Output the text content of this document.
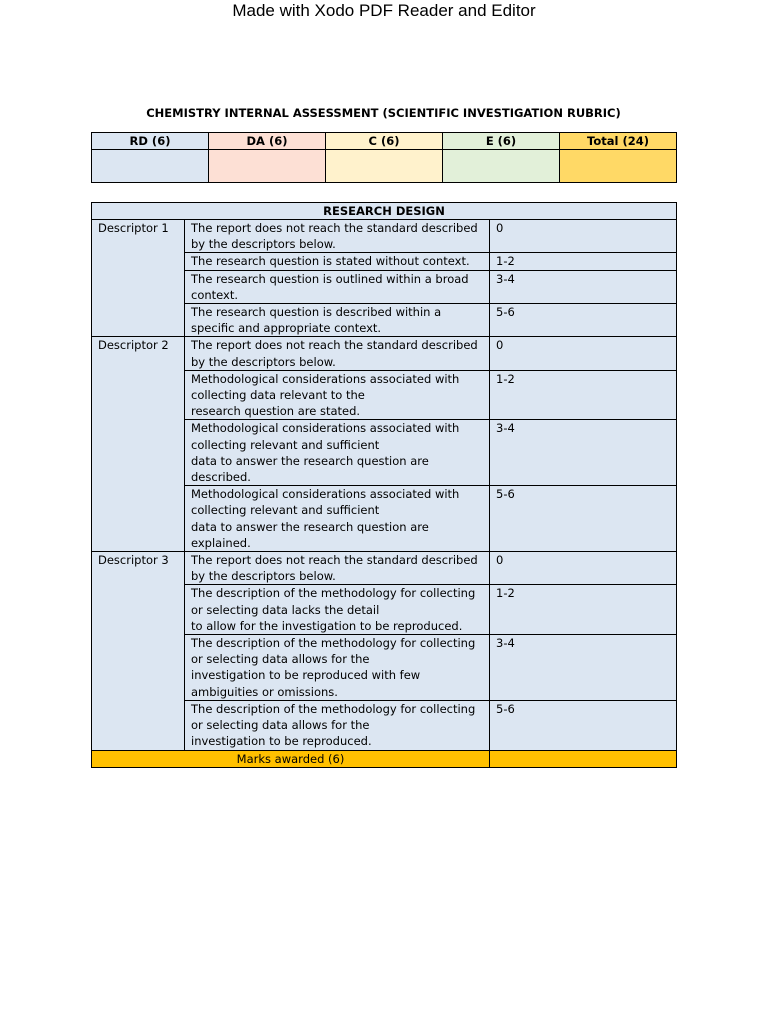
Made with Xodo PDF Reader and Editor
CHEMISTRY INTERNAL ASSESSMENT (SCIENTIFIC INVESTIGATION RUBRIC)
RD (6)	DA (6)	C (6)	E (6)	Total (24)

RESEARCH DESIGN		
Descriptor 1	The report does not reach the standard described
by the descriptors below.	0

	The research question is stated without context.	1-2

	The research question is outlined within a broad
context.	3-4

	The research question is described within a
specific and appropriate context.	5-6
Descriptor 2	The report does not reach the standard described
by the descriptors below.	0

	Methodological considerations associated with
collecting data relevant to the
research question are stated.	1-2

	Methodological considerations associated with
collecting relevant and sufficient
data to answer the research question are
described.	3-4

	Methodological considerations associated with
collecting relevant and sufficient
data to answer the research question are
explained.	5-6
Descriptor 3	The report does not reach the standard described
by the descriptors below.	0

	The description of the methodology for collecting
or selecting data lacks the detail
to allow for the investigation to be reproduced.	1-2

	The description of the methodology for collecting
or selecting data allows for the
investigation to be reproduced with few
ambiguities or omissions.	3-4

	The description of the methodology for collecting
or selecting data allows for the
investigation to be reproduced.	5-6
Marks awarded (6)		
